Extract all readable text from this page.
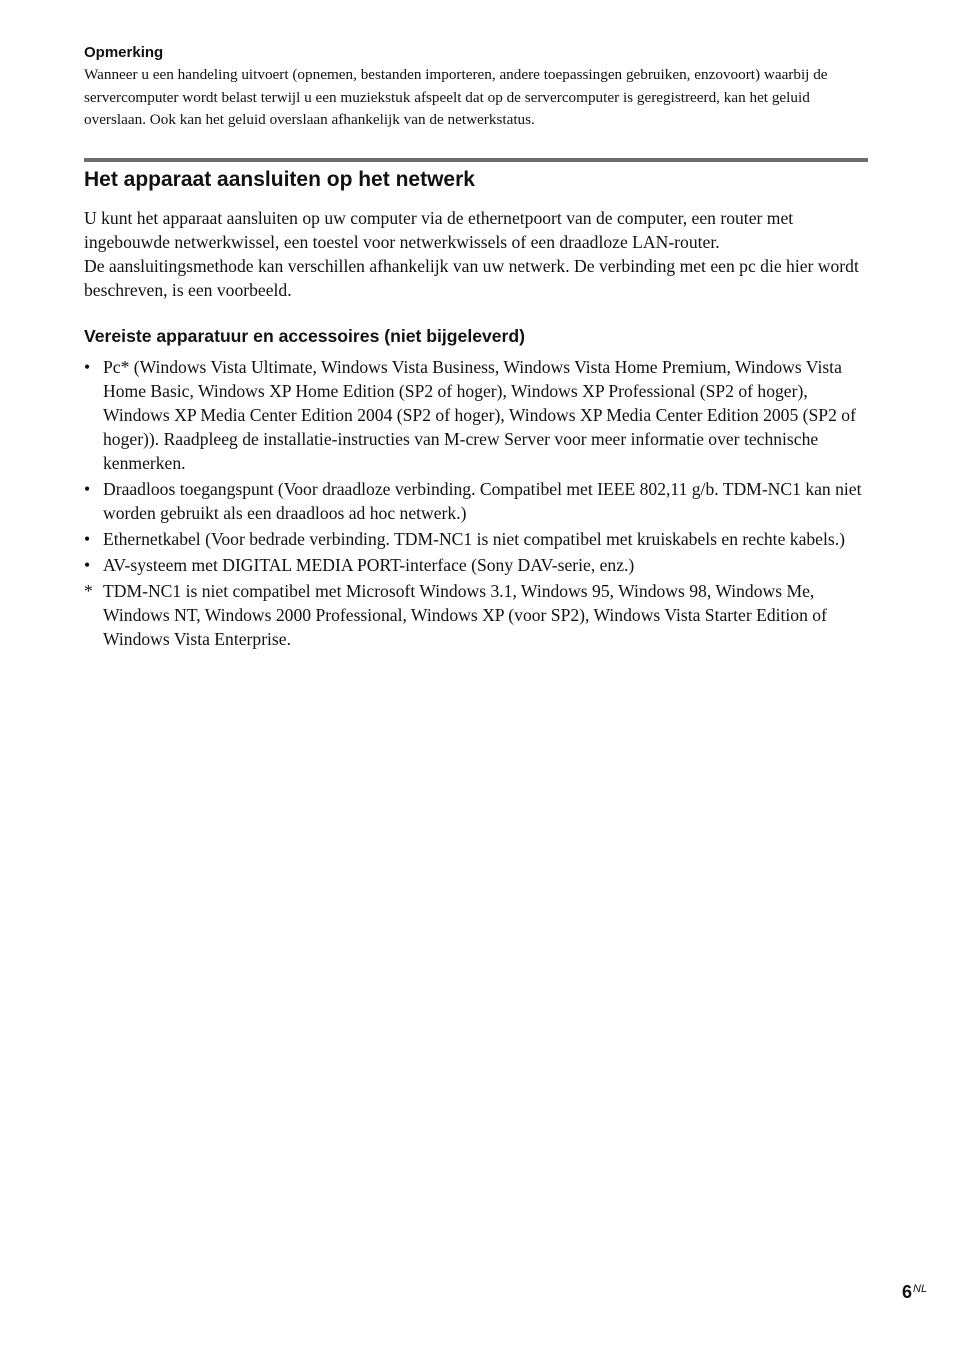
Opmerking

Wanneer u een handeling uitvoert (opnemen, bestanden importeren, andere toepassingen gebruiken, enzovoort) waarbij de servercomputer wordt belast terwijl u een muziekstuk afspeelt dat op de servercomputer is geregistreerd, kan het geluid overslaan. Ook kan het geluid overslaan afhankelijk van de netwerkstatus.

Het apparaat aansluiten op het netwerk

U kunt het apparaat aansluiten op uw computer via de ethernetpoort van de computer, een router met ingebouwde netwerkwissel, een toestel voor netwerkwissels of een draadloze LAN-router.

De aansluitingsmethode kan verschillen afhankelijk van uw netwerk. De verbinding met een pc die hier wordt beschreven, is een voorbeeld.

Vereiste apparatuur en accessoires (niet bijgeleverd)
• Pc* (Windows Vista Ultimate, Windows Vista Business, Windows Vista Home Premium, Windows Vista Home Basic, Windows XP Home Edition (SP2 of hoger), Windows XP Professional (SP2 of hoger), Windows XP Media Center Edition 2004 (SP2 of hoger), Windows XP Media Center Edition 2005 (SP2 of hoger)). Raadpleeg de installatie-instructies van M-crew Server voor meer informatie over technische kenmerken.
• Draadloos toegangspunt (Voor draadloze verbinding. Compatibel met IEEE 802,11 g/b. TDM-NC1 kan niet worden gebruikt als een draadloos ad hoc netwerk.)
• Ethernetkabel (Voor bedrade verbinding. TDM-NC1 is niet compatibel met kruiskabels en rechte kabels.)
• AV-systeem met DIGITAL MEDIA PORT-interface (Sony DAV-serie, enz.)
* TDM-NC1 is niet compatibel met Microsoft Windows 3.1, Windows 95, Windows 98, Windows Me, Windows NT, Windows 2000 Professional, Windows XP (voor SP2), Windows Vista Starter Edition of Windows Vista Enterprise.
$6^{NL}$
